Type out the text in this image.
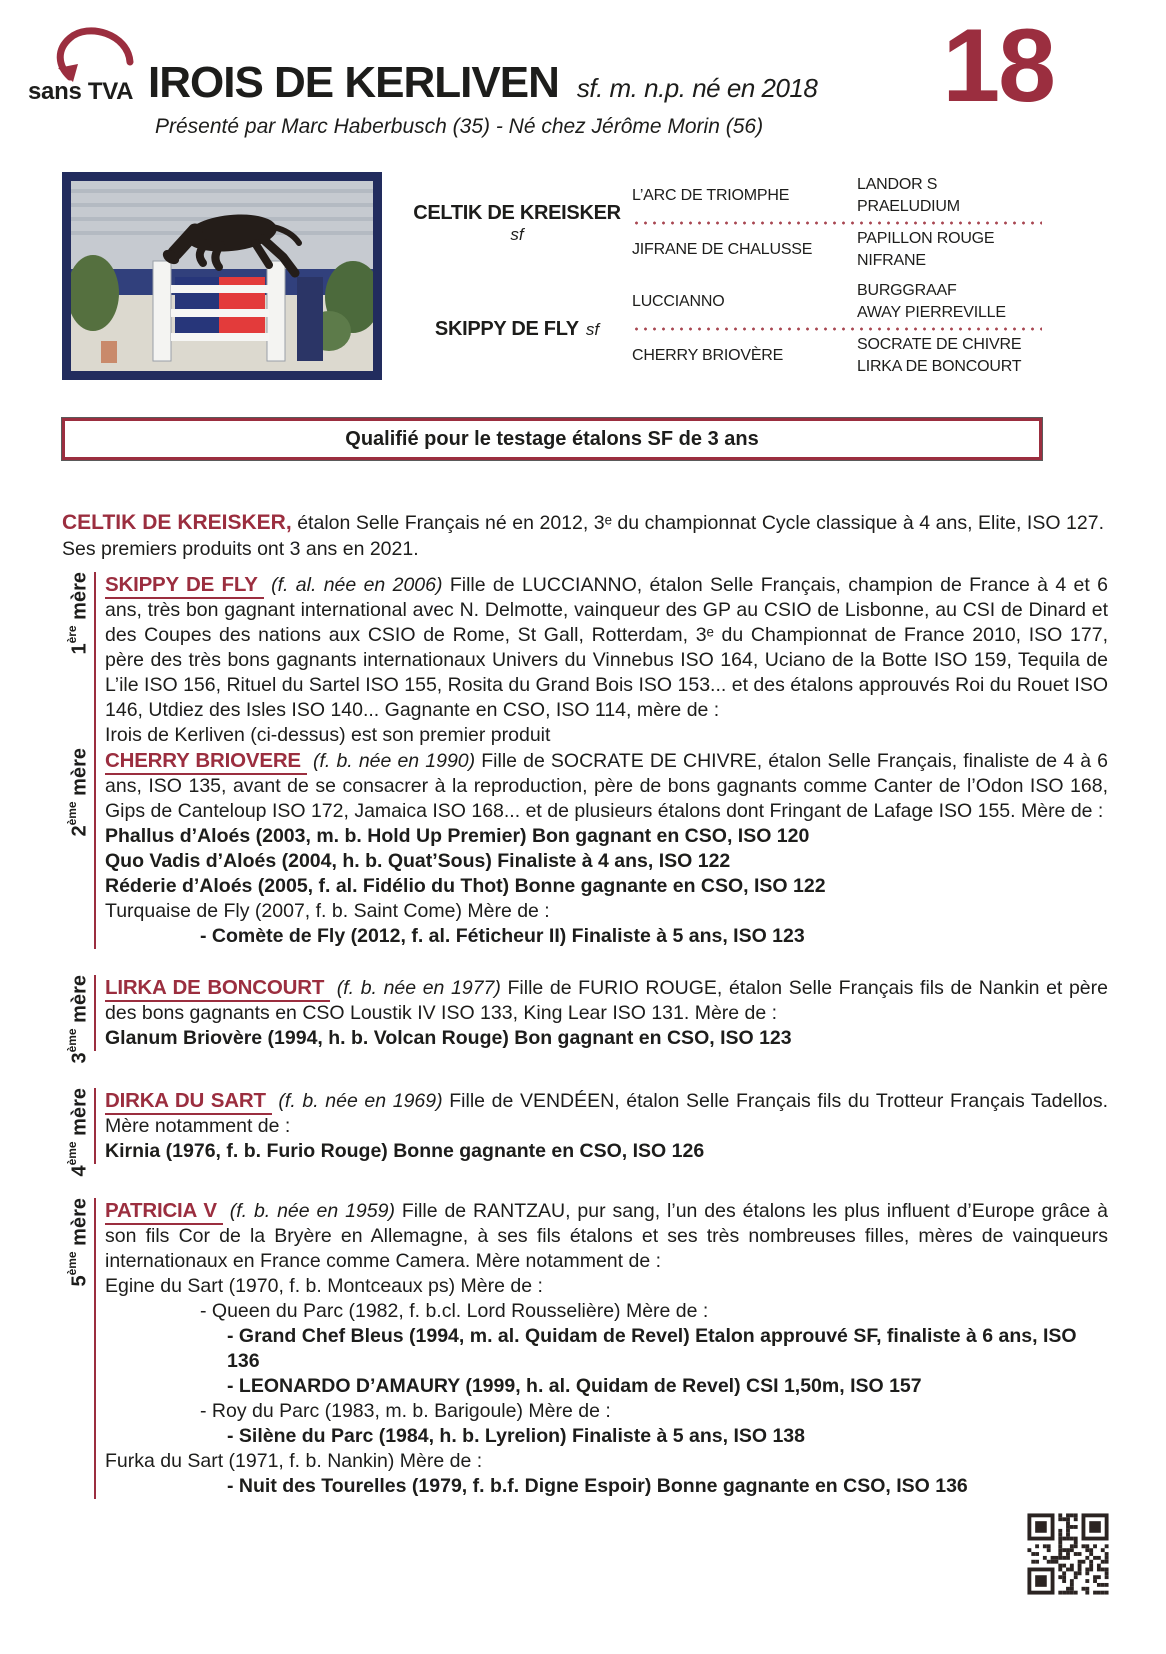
sans TVA IROIS DE KERLIVEN sf. m. n.p. né en 2018
Présenté par Marc Haberbusch (35) - Né chez Jérôme Morin (56)
18
CELTIK DE KREISKER
sf
L’ARC DE TRIOMPHE
LANDOR S
PRAELUDIUM
JIFRANE DE CHALUSSE
PAPILLON ROUGE
NIFRANE
SKIPPY DE FLY sf
LUCCIANNO
BURGGRAAF
AWAY PIERREVILLE
CHERRY BRIOVÈRE
SOCRATE DE CHIVRE
LIRKA DE BONCOURT
Qualifié pour le testage étalons SF de 3 ans

CELTIK DE KREISKER, étalon Selle Français né en 2012, 3ᵉ du championnat Cycle classique à 4 ans, Elite, ISO 127. Ses premiers produits ont 3 ans en 2021.

1ère mère SKIPPY DE FLY (f. al. née en 2006) Fille de LUCCIANNO, étalon Selle Français, champion de France à 4 et 6 ans, très bon gagnant international avec N. Delmotte, vainqueur des GP au CSIO de Lisbonne, au CSI de Dinard et des Coupes des nations aux CSIO de Rome, St Gall, Rotterdam, 3ᵉ du Championnat de France 2010, ISO 177, père des très bons gagnants internationaux Univers du Vinnebus ISO 164, Uciano de la Botte ISO 159, Tequila de L’ile ISO 156, Rituel du Sartel ISO 155, Rosita du Grand Bois ISO 153... et des étalons approuvés Roi du Rouet ISO 146, Utdiez des Isles ISO 140... Gagnante en CSO, ISO 114, mère de :

Irois de Kerliven (ci-dessus) est son premier produit
2ème mère CHERRY BRIOVERE (f. b. née en 1990) Fille de SOCRATE DE CHIVRE, étalon Selle Français, finaliste de 4 à 6 ans, ISO 135, avant de se consacrer à la reproduction, père de bons gagnants comme Canter de l’Odon ISO 168, Gips de Canteloup ISO 172, Jamaica ISO 168... et de plusieurs étalons dont Fringant de Lafage ISO 155. Mère de :

Phallus d’Aloés (2003, m. b. Hold Up Premier) Bon gagnant en CSO, ISO 120
Quo Vadis d’Aloés (2004, h. b. Quat’Sous) Finaliste à 4 ans, ISO 122
Réderie d’Aloés (2005, f. al. Fidélio du Thot) Bonne gagnante en CSO, ISO 122
Turquaise de Fly (2007, f. b. Saint Come) Mère de :
- Comète de Fly (2012, f. al. Féticheur II) Finaliste à 5 ans, ISO 123
3ème mère LIRKA DE BONCOURT (f. b. née en 1977) Fille de FURIO ROUGE, étalon Selle Français fils de Nankin et père des bons gagnants en CSO Loustik IV ISO 133, King Lear ISO 131. Mère de :

Glanum Briovère (1994, h. b. Volcan Rouge) Bon gagnant en CSO, ISO 123
4ème mère DIRKA DU SART (f. b. née en 1969) Fille de VENDÉEN, étalon Selle Français fils du Trotteur Français Tadellos. Mère notamment de :

Kirnia (1976, f. b. Furio Rouge) Bonne gagnante en CSO, ISO 126
5ème mère PATRICIA V (f. b. née en 1959) Fille de RANTZAU, pur sang, l’un des étalons les plus influent d’Europe grâce à son fils Cor de la Bryère en Allemagne, à ses fils étalons et ses très nombreuses filles, mères de vainqueurs internationaux en France comme Camera. Mère notamment de :

Egine du Sart (1970, f. b. Montceaux ps) Mère de :
- Queen du Parc (1982, f. b.cl. Lord Rousselière) Mère de :
- Grand Chef Bleus (1994, m. al. Quidam de Revel) Etalon approuvé SF, finaliste à 6 ans, ISO 136
- LEONARDO D’AMAURY (1999, h. al. Quidam de Revel) CSI 1,50m, ISO 157
- Roy du Parc (1983, m. b. Barigoule) Mère de :
- Silène du Parc (1984, h. b. Lyrelion) Finaliste à 5 ans, ISO 138
Furka du Sart (1971, f. b. Nankin) Mère de :
- Nuit des Tourelles (1979, f. b.f. Digne Espoir) Bonne gagnante en CSO, ISO 136
